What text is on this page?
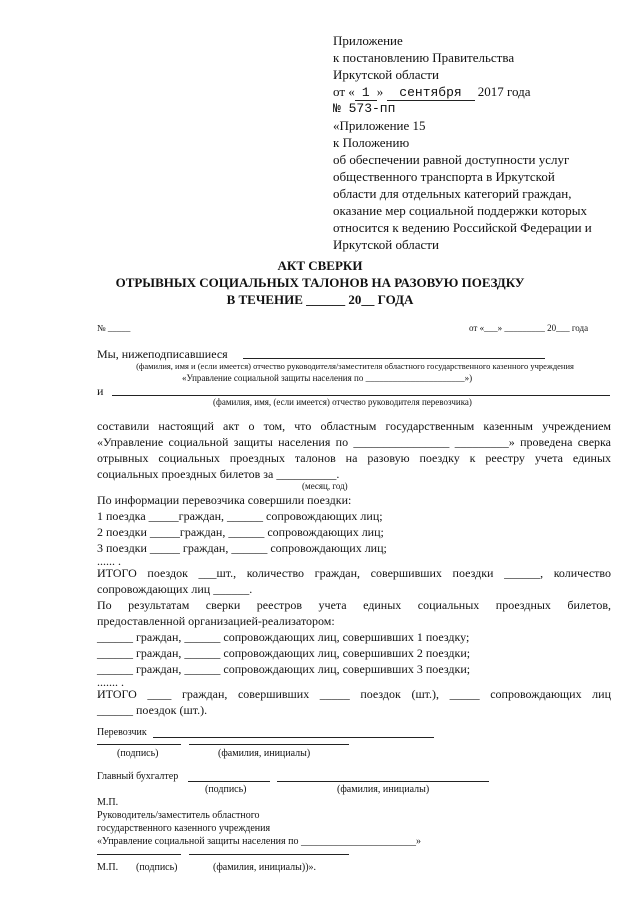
Приложение
к постановлению Правительства
Иркутской области
от « 1 » сентября 2017 года
№ 573-пп
«Приложение 15
к Положению
об обеспечении равной доступности услуг
общественного транспорта в Иркутской
области для отдельных категорий граждан,
оказание мер социальной поддержки которых
относится к ведению Российской Федерации и
Иркутской области
АКТ СВЕРКИ
ОТРЫВНЫХ СОЦИАЛЬНЫХ ТАЛОНОВ НА РАЗОВУЮ ПОЕЗДКУ
В ТЕЧЕНИЕ ______ 20__ ГОДА
№ _____	от «___» _________ 20___ года
Мы, нижеподписавшиеся
(фамилия, имя и (если имеется) отчество руководителя/заместителя областного государственного казенного учреждения
«Управление социальной защиты населения по ______________________»)
и
(фамилия, имя, (если имеется) отчество руководителя перевозчика)
составили настоящий акт о том, что областным государственным казенным учреждением
«Управление социальной защиты населения по ________________ _________» проведена сверка
отрывных социальных проездных талонов на разовую поездку к реестру учета единых
социальных проездных билетов за __________.
(месяц, год)
По информации перевозчика совершили поездки:
1 поездка _____граждан, ______ сопровождающих лиц;
2 поездки _____граждан, ______ сопровождающих лиц;
3 поездки _____ граждан, ______ сопровождающих лиц;
...... .
ИТОГО поездок ___шт., количество граждан, совершивших поездки ______, количество
сопровождающих лиц ______.
По результатам сверки реестров учета единых социальных проездных билетов,
предоставленной организацией-реализатором:
______ граждан, ______ сопровождающих лиц, совершивших 1 поездку;
______ граждан, ______ сопровождающих лиц, совершивших 2 поездки;
______ граждан, ______ сопровождающих лиц, совершивших 3 поездки;
....... .
ИТОГО ____ граждан, совершивших _____ поездок (шт.), _____ сопровождающих лиц
______ поездок (шт.).
Перевозчик
(подпись)	(фамилия, инициалы)
Главный бухгалтер
(подпись)	(фамилия, инициалы)
М.П.
Руководитель/заместитель областного
государственного казенного учреждения
«Управление социальной защиты населения по _______________________»
М.П. (подпись)	(фамилия, инициалы))».
